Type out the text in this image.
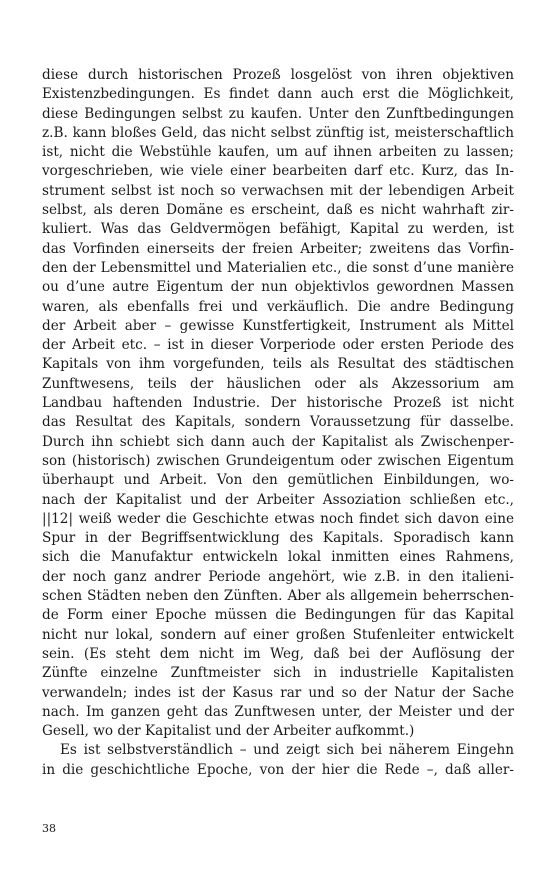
diese durch historischen Prozeß losgelöst von ihren objektiven
Existenzbedingungen. Es findet dann auch erst die Möglichkeit,
diese Bedingungen selbst zu kaufen. Unter den Zunftbedingungen
z.B. kann bloßes Geld, das nicht selbst zünftig ist, meisterschaftlich
ist, nicht die Webstühle kaufen, um auf ihnen arbeiten zu lassen;
vorgeschrieben, wie viele einer bearbeiten darf etc. Kurz, das In-
strument selbst ist noch so verwachsen mit der lebendigen Arbeit
selbst, als deren Domäne es erscheint, daß es nicht wahrhaft zir-
kuliert. Was das Geldvermögen befähigt, Kapital zu werden, ist
das Vorfinden einerseits der freien Arbeiter; zweitens das Vorfin-
den der Lebensmittel und Materialien etc., die sonst d’une manière
ou d’une autre Eigentum der nun objektivlos gewordnen Massen
waren, als ebenfalls frei und verkäuflich. Die andre Bedingung
der Arbeit aber – gewisse Kunstfertigkeit, Instrument als Mittel
der Arbeit etc. – ist in dieser Vorperiode oder ersten Periode des
Kapitals von ihm vorgefunden, teils als Resultat des städtischen
Zunftwesens, teils der häuslichen oder als Akzessorium am
Landbau haftenden Industrie. Der historische Prozeß ist nicht
das Resultat des Kapitals, sondern Voraussetzung für dasselbe.
Durch ihn schiebt sich dann auch der Kapitalist als Zwischenper-
son (historisch) zwischen Grundeigentum oder zwischen Eigentum
überhaupt und Arbeit. Von den gemütlichen Einbildungen, wo-
nach der Kapitalist und der Arbeiter Assoziation schließen etc.,
||12| weiß weder die Geschichte etwas noch findet sich davon eine
Spur in der Begriffsentwicklung des Kapitals. Sporadisch kann
sich die Manufaktur entwickeln lokal inmitten eines Rahmens,
der noch ganz andrer Periode angehört, wie z.B. in den italieni-
schen Städten neben den Zünften. Aber als allgemein beherrschen-
de Form einer Epoche müssen die Bedingungen für das Kapital
nicht nur lokal, sondern auf einer großen Stufenleiter entwickelt
sein. (Es steht dem nicht im Weg, daß bei der Auflösung der
Zünfte einzelne Zunftmeister sich in industrielle Kapitalisten
verwandeln; indes ist der Kasus rar und so der Natur der Sache
nach. Im ganzen geht das Zunftwesen unter, der Meister und der
Gesell, wo der Kapitalist und der Arbeiter aufkommt.)
Es ist selbstverständlich – und zeigt sich bei näherem Eingehn
in die geschichtliche Epoche, von der hier die Rede –, daß aller-
38
